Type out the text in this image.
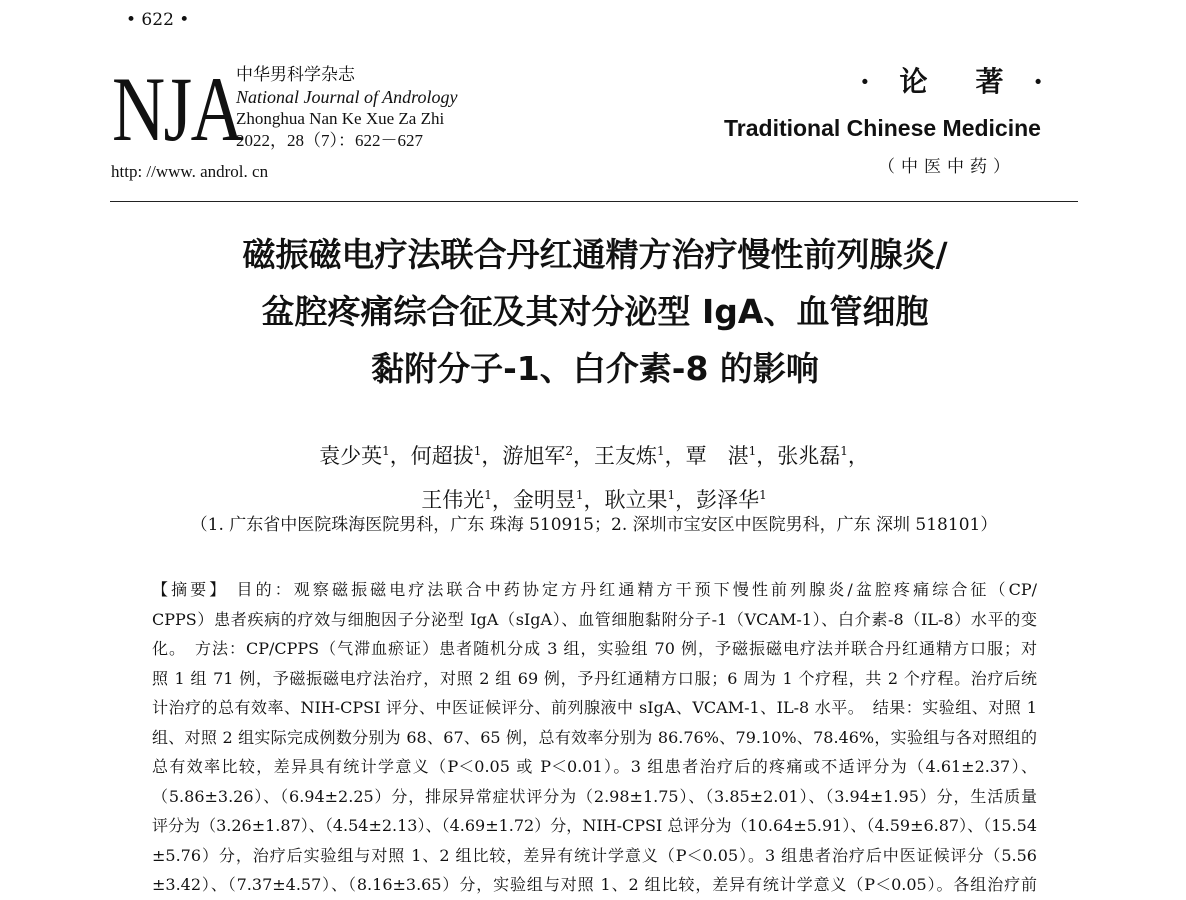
• 622 •
NJA
中华男科学杂志
National Journal of Andrology
Zhonghua Nan Ke Xue Za Zhi
2022，28（7）：622－627
http: //www. androl. cn
· 论　著 ·
Traditional Chinese Medicine
（中医中药）
磁振磁电疗法联合丹红通精方治疗慢性前列腺炎/
盆腔疼痛综合征及其对分泌型 IgA、血管细胞
黏附分子-1、白介素-8 的影响
袁少英$^1$，何超拔$^1$，游旭军$^2$，王友炼$^1$，覃　湛$^1$，张兆磊$^1$，
王伟光$^1$，金明昱$^1$，耿立果$^1$，彭泽华$^1$
（1. 广东省中医院珠海医院男科，广东 珠海 510915；2. 深圳市宝安区中医院男科，广东 深圳 518101）
【摘要】 目的：观察磁振磁电疗法联合中药协定方丹红通精方干预下慢性前列腺炎/盆腔疼痛综合征（CP/
CPPS）患者疾病的疗效与细胞因子分泌型 IgA（sIgA）、血管细胞黏附分子-1（VCAM-1）、白介素-8（IL-8）水平的变
化。　方法：CP/CPPS（气滞血瘀证）患者随机分成 3 组，实验组 70 例，予磁振磁电疗法并联合丹红通精方口服；对
照 1 组 71 例，予磁振磁电疗法治疗，对照 2 组 69 例，予丹红通精方口服；6 周为 1 个疗程，共 2 个疗程。治疗后统
计治疗的总有效率、NIH-CPSI 评分、中医证候评分、前列腺液中 sIgA、VCAM-1、IL-8 水平。　结果：实验组、对照 1
组、对照 2 组实际完成例数分别为 68、67、65 例，总有效率分别为 86.76%、79.10%、78.46%，实验组与各对照组的
总有效率比较，差异具有统计学意义（P＜0.05 或 P＜0.01）。3 组患者治疗后的疼痛或不适评分为（4.61±2.37）、
（5.86±3.26）、（6.94±2.25）分，排尿异常症状评分为（2.98±1.75）、（3.85±2.01）、（3.94±1.95）分，生活质量
评分为（3.26±1.87）、（4.54±2.13）、（4.69±1.72）分，NIH-CPSI 总评分为（10.64±5.91）、（4.59±6.87）、（15.54
±5.76）分，治疗后实验组与对照 1、2 组比较，差异有统计学意义（P＜0.05）。3 组患者治疗后中医证候评分（5.56
±3.42）、（7.37±4.57）、（8.16±3.65）分，实验组与对照 1、2 组比较，差异有统计学意义（P＜0.05）。各组治疗前
